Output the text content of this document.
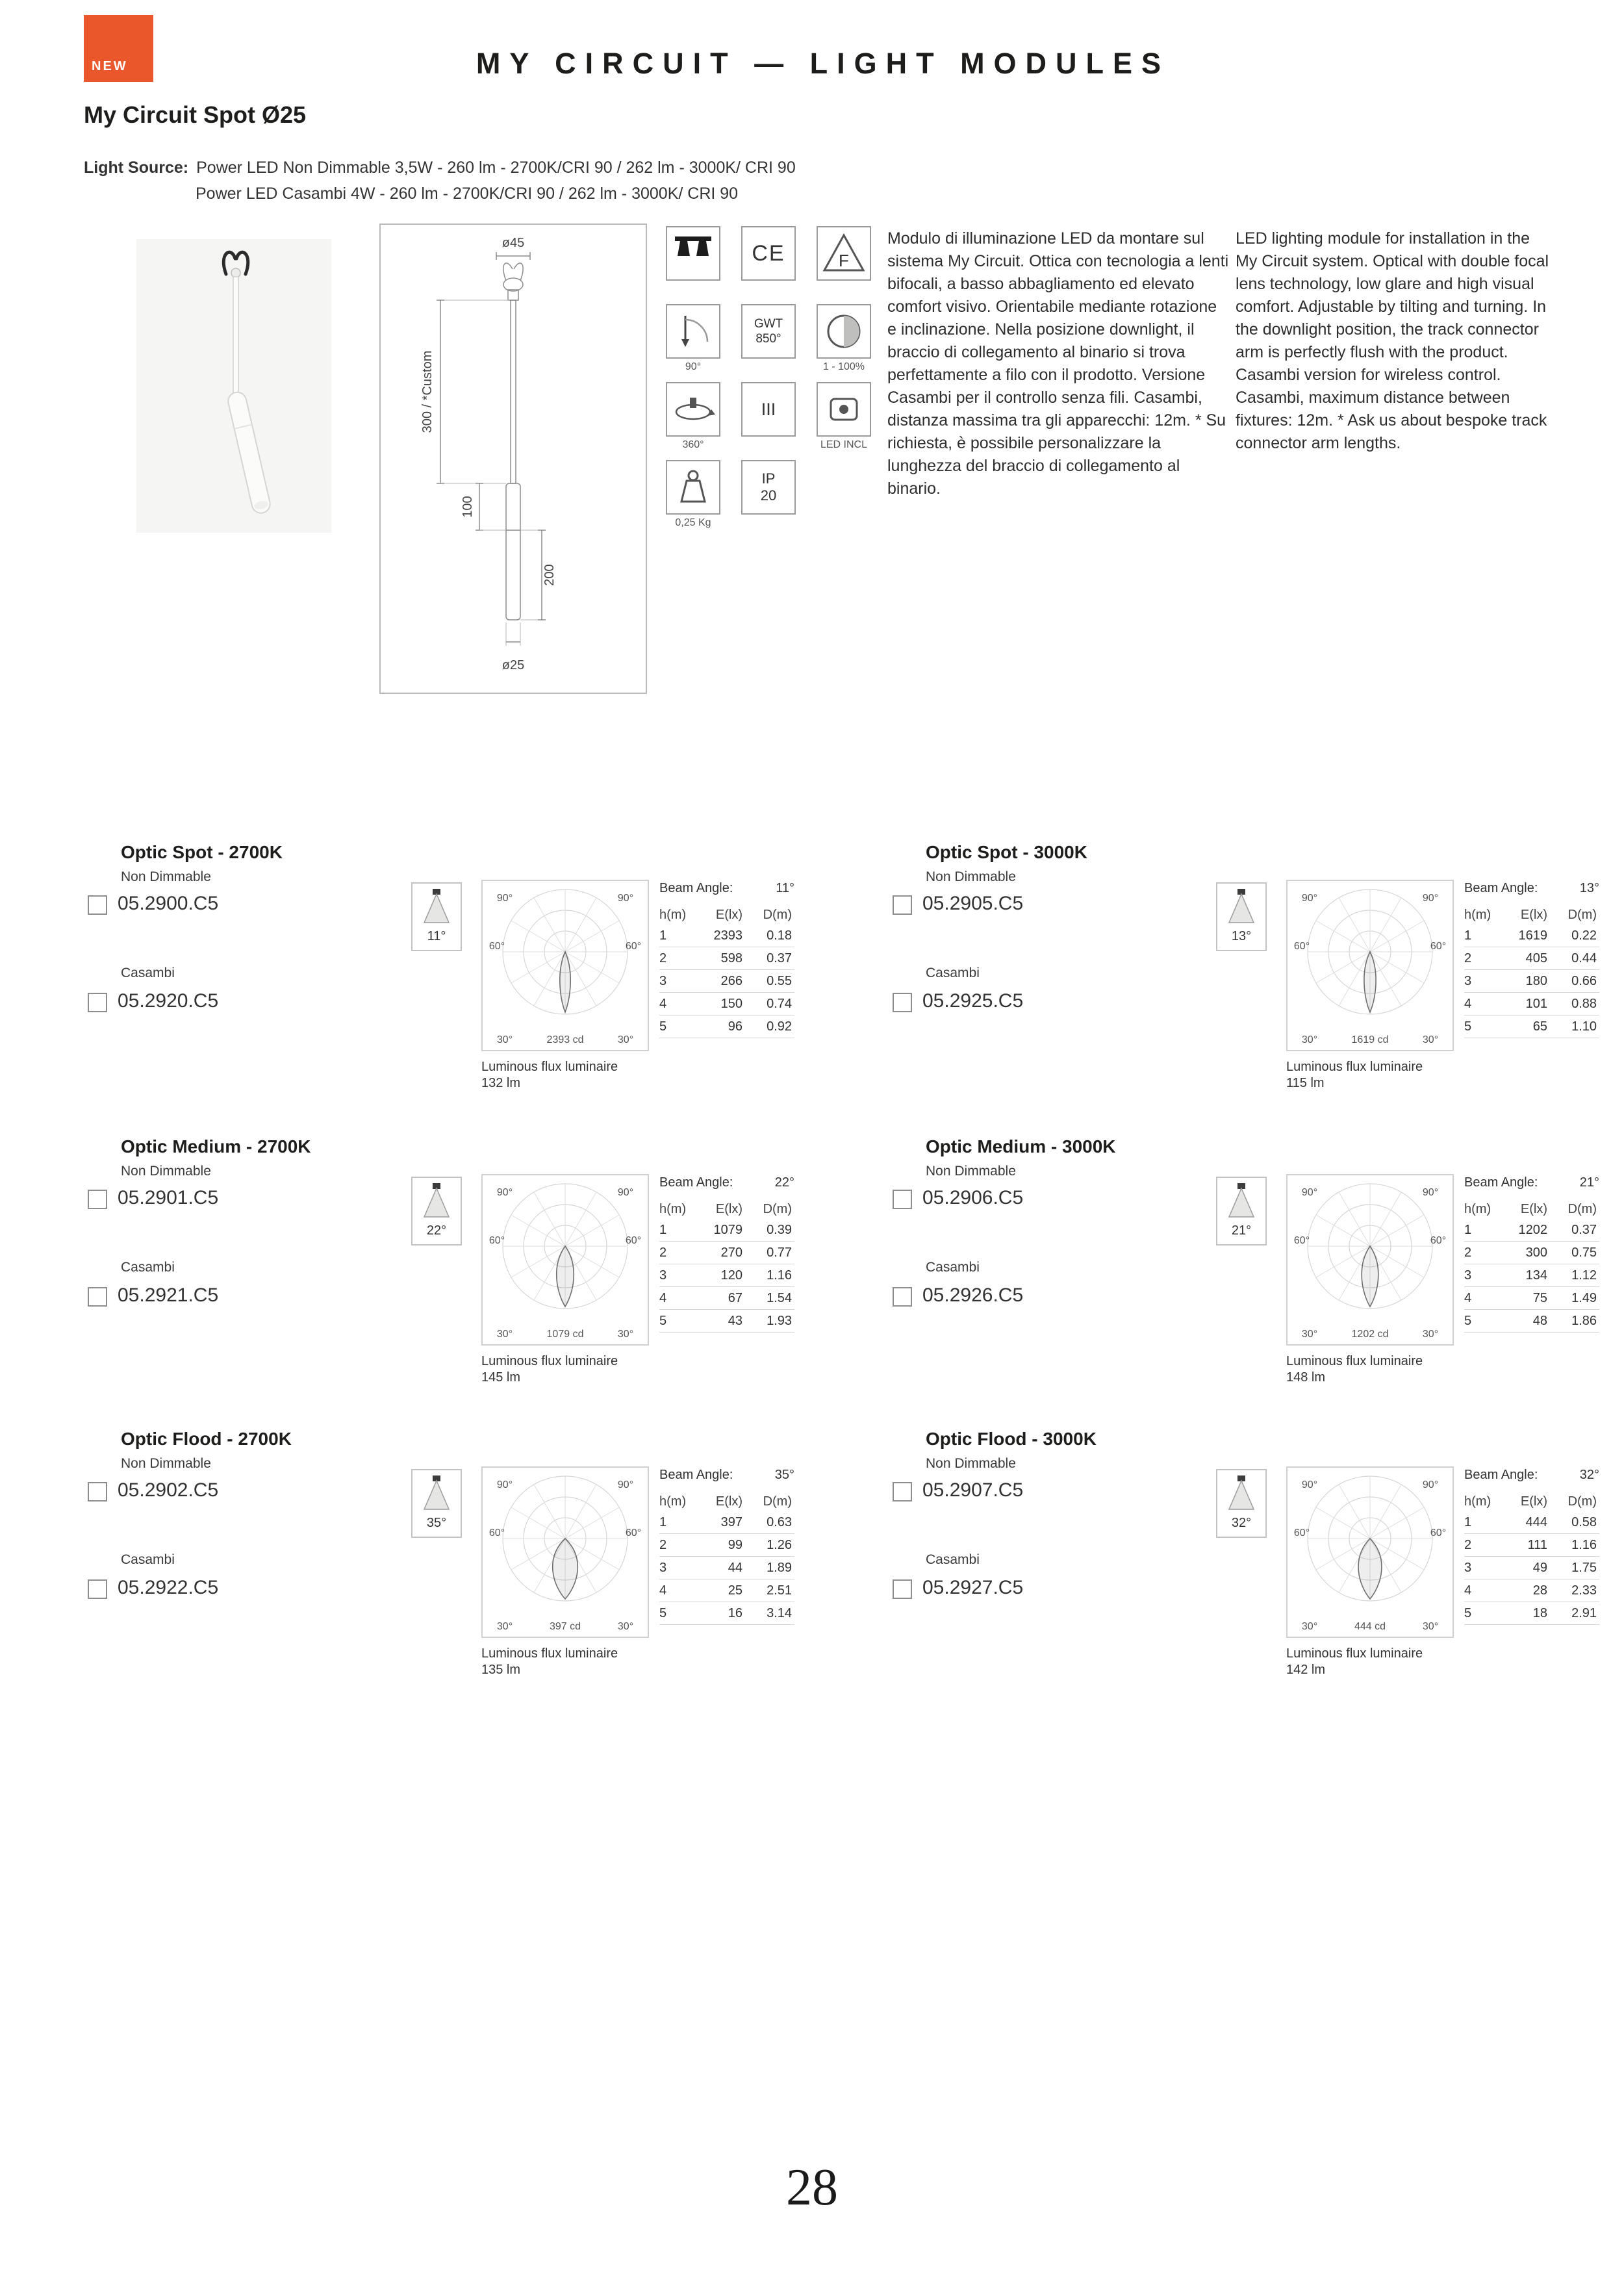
NEW	MY CIRCUIT — LIGHT MODULES
My Circuit Spot Ø25
Light Source: Power LED Non Dimmable 3,5W - 260 lm - 2700K/CRI 90 / 262 lm - 3000K/ CRI 90
Power LED Casambi 4W - 260 lm - 2700K/CRI 90 / 262 lm - 3000K/ CRI 90
ø45
300 / *Custom
100
200
ø25
CE	F
90°
GWT 850°
1 - 100%
360°
III
LED INCL
0,25 Kg
IP
20
Modulo di illuminazione LED da montare sul sistema My Circuit. Ottica con tecnologia a lenti bifocali, a basso abbagliamento ed elevato comfort visivo. Orientabile mediante rotazione e inclinazione. Nella posizione downlight, il braccio di collegamento al binario si trova perfettamente a filo con il prodotto. Versione Casambi per il controllo senza fili. Casambi, distanza massima tra gli apparecchi: 12m. * Su richiesta, è possibile personalizzare la lunghezza del braccio di collegamento al binario.
LED lighting module for installation in the My Circuit system. Optical with double focal lens technology, low glare and high visual comfort. Adjustable by tilting and turning. In the downlight position, the track connector arm is perfectly flush with the product. Casambi version for wireless control. Casambi, maximum distance between fixtures: 12m. * Ask us about bespoke track connector arm lengths.
Optic Spot - 2700K
Non Dimmable
05.2900.C5
Casambi
05.2920.C5
11°
90°	90°
60°	60°
30°	2393 cd	30°
Luminous flux luminaire
132 lm
Beam Angle:	11°
h(m)	E(lx)	D(m)
1	2393	0.18
2	598	0.37
3	266	0.55
4	150	0.74
5	96	0.92
Optic Spot - 3000K
Non Dimmable
05.2905.C5
Casambi
05.2925.C5
13°
90°	90°
60°	60°
30°	1619 cd	30°
Luminous flux luminaire
115 lm
Beam Angle:	13°
h(m)	E(lx)	D(m)
1	1619	0.22
2	405	0.44
3	180	0.66
4	101	0.88
5	65	1.10
Optic Medium - 2700K
Non Dimmable
05.2901.C5
Casambi
05.2921.C5
22°
90°	90°
60°	60°
30°	1079 cd	30°
Luminous flux luminaire
145 lm
Beam Angle:	22°
h(m)	E(lx)	D(m)
1	1079	0.39
2	270	0.77
3	120	1.16
4	67	1.54
5	43	1.93
Optic Medium - 3000K
Non Dimmable
05.2906.C5
Casambi
05.2926.C5
21°
90°	90°
60°	60°
30°	1202 cd	30°
Luminous flux luminaire
148 lm
Beam Angle:	21°
h(m)	E(lx)	D(m)
1	1202	0.37
2	300	0.75
3	134	1.12
4	75	1.49
5	48	1.86
Optic Flood - 2700K
Non Dimmable
05.2902.C5
Casambi
05.2922.C5
35°
90°	90°
60°	60°
30°	397 cd	30°
Luminous flux luminaire
135 lm
Beam Angle:	35°
h(m)	E(lx)	D(m)
1	397	0.63
2	99	1.26
3	44	1.89
4	25	2.51
5	16	3.14
Optic Flood - 3000K
Non Dimmable
05.2907.C5
Casambi
05.2927.C5
32°
90°	90°
60°	60°
30°	444 cd	30°
Luminous flux luminaire
142 lm
Beam Angle:	32°
h(m)	E(lx)	D(m)
1	444	0.58
2	111	1.16
3	49	1.75
4	28	2.33
5	18	2.91
28
